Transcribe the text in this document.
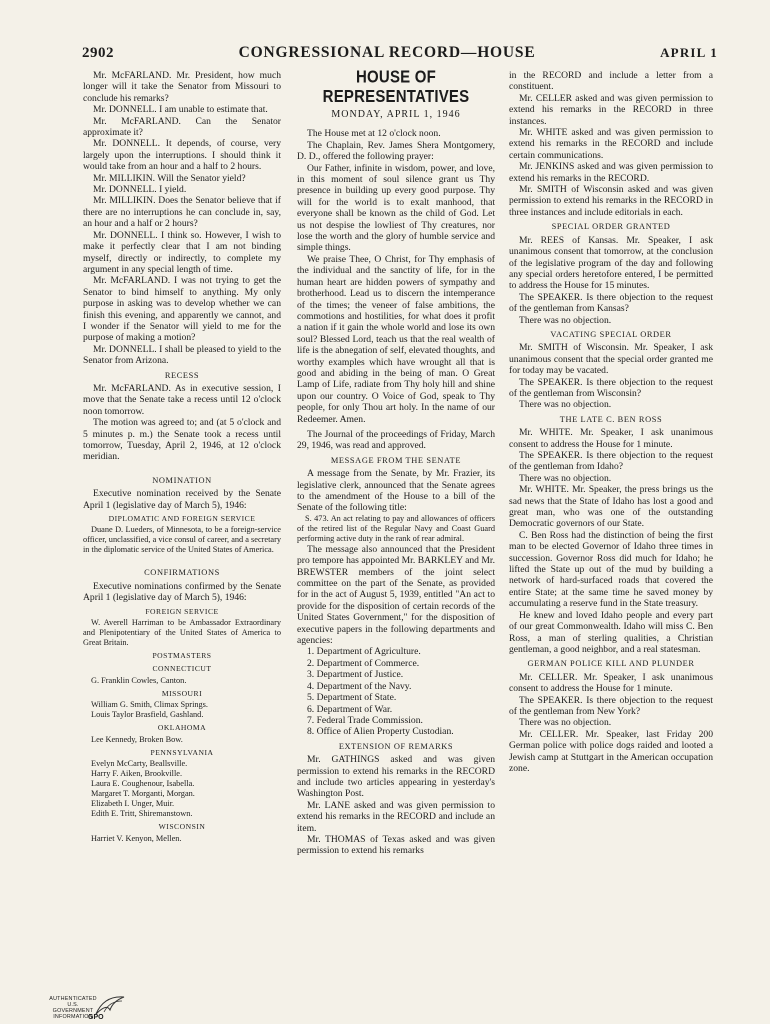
2902	CONGRESSIONAL RECORD—HOUSE	APRIL 1

Mr. McFARLAND. Mr. President, how much longer will it take the Senator from Missouri to conclude his remarks?

Mr. DONNELL. I am unable to estimate that.

Mr. McFARLAND. Can the Senator approximate it?

Mr. DONNELL. It depends, of course, very largely upon the interruptions. I should think it would take from an hour and a half to 2 hours.

Mr. MILLIKIN. Will the Senator yield?

Mr. DONNELL. I yield.

Mr. MILLIKIN. Does the Senator believe that if there are no interruptions he can conclude in, say, an hour and a half or 2 hours?

Mr. DONNELL. I think so. However, I wish to make it perfectly clear that I am not binding myself, directly or indirectly, to complete my argument in any special length of time.

Mr. McFARLAND. I was not trying to get the Senator to bind himself to anything. My only purpose in asking was to develop whether we can finish this evening, and apparently we cannot, and I wonder if the Senator will yield to me for the purpose of making a motion?

Mr. DONNELL. I shall be pleased to yield to the Senator from Arizona.

RECESS

Mr. McFARLAND. As in executive session, I move that the Senate take a recess until 12 o'clock noon tomorrow.

The motion was agreed to; and (at 5 o'clock and 5 minutes p. m.) the Senate took a recess until tomorrow, Tuesday, April 2, 1946, at 12 o'clock meridian.

NOMINATION

Executive nomination received by the Senate April 1 (legislative day of March 5), 1946:

DIPLOMATIC AND FOREIGN SERVICE

Duane D. Lueders, of Minnesota, to be a foreign-service officer, unclassified, a vice consul of career, and a secretary in the diplomatic service of the United States of America.

CONFIRMATIONS

Executive nominations confirmed by the Senate April 1 (legislative day of March 5), 1946:

FOREIGN SERVICE

W. Averell Harriman to be Ambassador Extraordinary and Plenipotentiary of the United States of America to Great Britain.

POSTMASTERS
CONNECTICUT

G. Franklin Cowles, Canton.

MISSOURI

William G. Smith, Climax Springs.

Louis Taylor Brasfield, Gashland.

OKLAHOMA

Lee Kennedy, Broken Bow.

PENNSYLVANIA

Evelyn McCarty, Beallsville.

Harry F. Aiken, Brookville.

Laura E. Coughenour, Isabella.

Margaret T. Morganti, Morgan.

Elizabeth I. Unger, Muir.

Edith E. Tritt, Shiremanstown.

WISCONSIN

Harriet V. Kenyon, Mellen.

HOUSE OF REPRESENTATIVES
MONDAY, APRIL 1, 1946

The House met at 12 o'clock noon.

The Chaplain, Rev. James Shera Montgomery, D. D., offered the following prayer:

Our Father, infinite in wisdom, power, and love, in this moment of soul silence grant us Thy presence in building up every good purpose. Thy will for the world is to exalt manhood, that everyone shall be known as the child of God. Let us not despise the lowliest of Thy creatures, nor lose the worth and the glory of humble service and simple things.

We praise Thee, O Christ, for Thy emphasis of the individual and the sanctity of life, for in the human heart are hidden powers of sympathy and brotherhood. Lead us to discern the intemperance of the times; the veneer of false ambitions, the commotions and hostilities, for what does it profit a nation if it gain the whole world and lose its own soul? Blessed Lord, teach us that the real wealth of life is the abnegation of self, elevated thoughts, and worthy examples which have wrought all that is good and abiding in the being of man. O Great Lamp of Life, radiate from Thy holy hill and shine upon our country. O Voice of God, speak to Thy people, for only Thou art holy. In the name of our Redeemer. Amen.

The Journal of the proceedings of Friday, March 29, 1946, was read and approved.

MESSAGE FROM THE SENATE

A message from the Senate, by Mr. Frazier, its legislative clerk, announced that the Senate agrees to the amendment of the House to a bill of the Senate of the following title:

S. 473. An act relating to pay and allowances of officers of the retired list of the Regular Navy and Coast Guard performing active duty in the rank of rear admiral.

The message also announced that the President pro tempore has appointed Mr. BARKLEY and Mr. BREWSTER members of the joint select committee on the part of the Senate, as provided for in the act of August 5, 1939, entitled "An act to provide for the disposition of certain records of the United States Government," for the disposition of executive papers in the following departments and agencies:

1. Department of Agriculture.
2. Department of Commerce.
3. Department of Justice.
4. Department of the Navy.
5. Department of State.
6. Department of War.
7. Federal Trade Commission.
8. Office of Alien Property Custodian.
EXTENSION OF REMARKS

Mr. GATHINGS asked and was given permission to extend his remarks in the RECORD and include two articles appearing in yesterday's Washington Post.

Mr. LANE asked and was given permission to extend his remarks in the RECORD and include an item.

Mr. THOMAS of Texas asked and was given permission to extend his remarks

in the RECORD and include a letter from a constituent.

Mr. CELLER asked and was given permission to extend his remarks in the RECORD in three instances.

Mr. WHITE asked and was given permission to extend his remarks in the RECORD and include certain communications.

Mr. JENKINS asked and was given permission to extend his remarks in the RECORD.

Mr. SMITH of Wisconsin asked and was given permission to extend his remarks in the RECORD in three instances and include editorials in each.

SPECIAL ORDER GRANTED

Mr. REES of Kansas. Mr. Speaker, I ask unanimous consent that tomorrow, at the conclusion of the legislative program of the day and following any special orders heretofore entered, I be permitted to address the House for 15 minutes.

The SPEAKER. Is there objection to the request of the gentleman from Kansas?

There was no objection.

VACATING SPECIAL ORDER

Mr. SMITH of Wisconsin. Mr. Speaker, I ask unanimous consent that the special order granted me for today may be vacated.

The SPEAKER. Is there objection to the request of the gentleman from Wisconsin?

There was no objection.

THE LATE C. BEN ROSS

Mr. WHITE. Mr. Speaker, I ask unanimous consent to address the House for 1 minute.

The SPEAKER. Is there objection to the request of the gentleman from Idaho?

There was no objection.

Mr. WHITE. Mr. Speaker, the press brings us the sad news that the State of Idaho has lost a good and great man, who was one of the outstanding Democratic governors of our State.

C. Ben Ross had the distinction of being the first man to be elected Governor of Idaho three times in succession. Governor Ross did much for Idaho; he lifted the State up out of the mud by building a network of hard-surfaced roads that covered the entire State; at the same time he saved money by accumulating a reserve fund in the State treasury.

He knew and loved Idaho people and every part of our great Commonwealth. Idaho will miss C. Ben Ross, a man of sterling qualities, a Christian gentleman, a good neighbor, and a real statesman.

GERMAN POLICE KILL AND PLUNDER

Mr. CELLER. Mr. Speaker, I ask unanimous consent to address the House for 1 minute.

The SPEAKER. Is there objection to the request of the gentleman from New York?

There was no objection.

Mr. CELLER. Mr. Speaker, last Friday 200 German police with police dogs raided and looted a Jewish camp at Stuttgart in the American occupation zone.

AUTHENTICATED
U.S. GOVERNMENT
INFORMATION
GPO
